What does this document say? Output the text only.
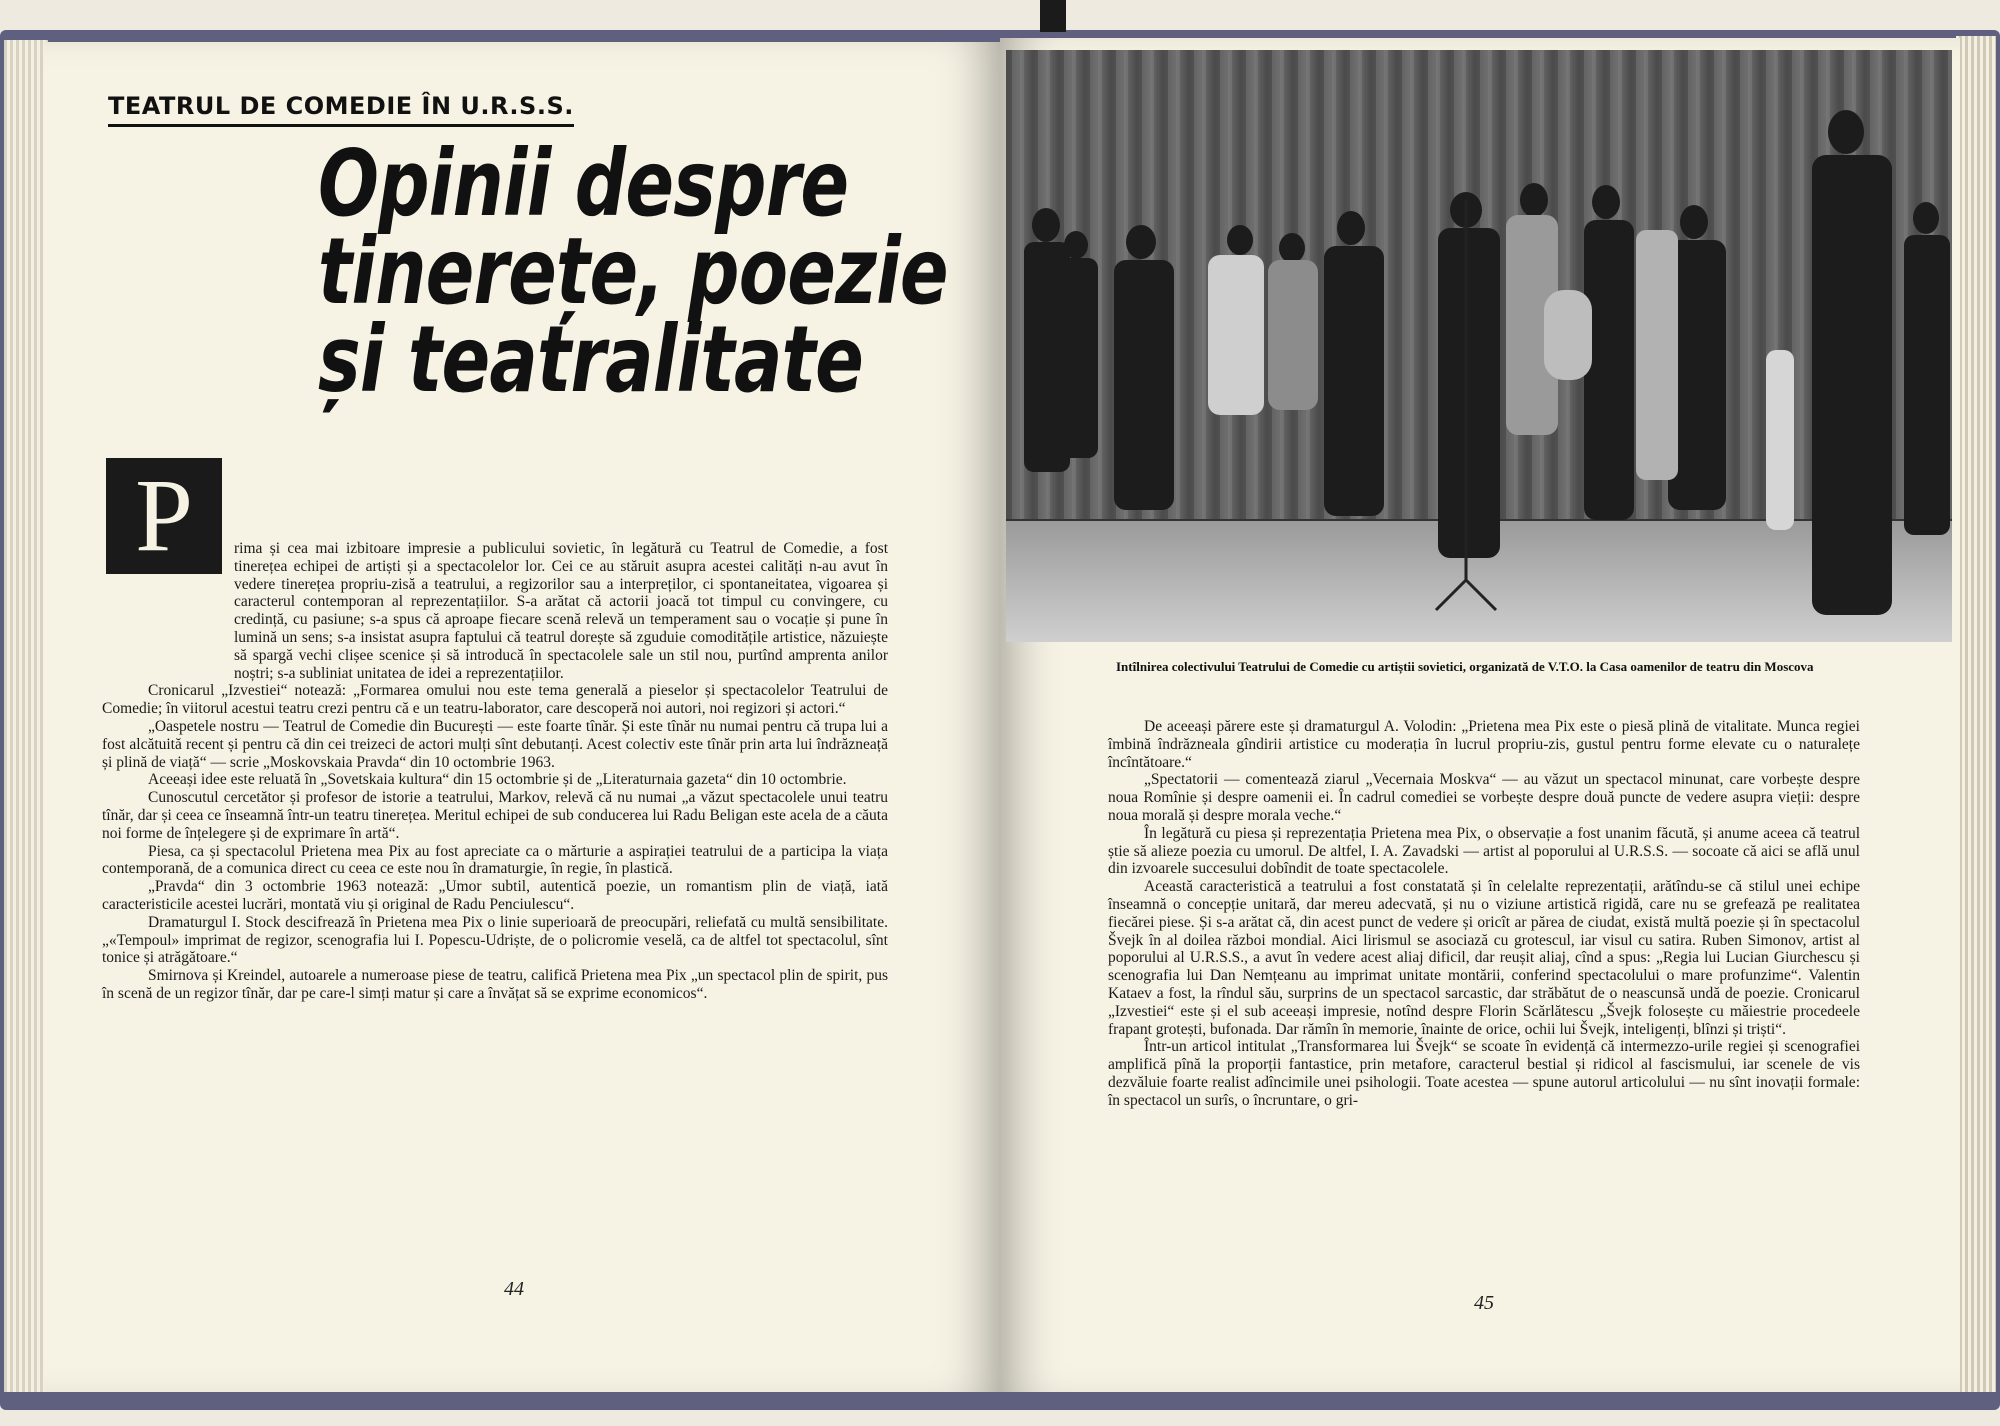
TEATRUL DE COMEDIE ÎN U.R.S.S.
Opinii despre
tinerețe, poezie
și teatralitate
P	rima și cea mai izbitoare impresie a publicului sovietic, în legătură cu Teatrul de Comedie, a fost tinerețea echipei de artiști și a spectacolelor lor. Cei ce au stăruit asupra acestei calități n-au avut în vedere tinerețea propriu-zisă a teatrului, a regizorilor sau a interpreților, ci spontaneitatea, vigoarea și caracterul contemporan al reprezentațiilor. S-a arătat că actorii joacă tot timpul cu convingere, cu credință, cu pasiune; s-a spus că aproape fiecare scenă relevă un temperament sau o vocație și pune în lumină un sens; s-a insistat asupra faptului că teatrul dorește să zguduie comoditățile artistice, năzuiește să spargă vechi clișee scenice și să introducă în spectacolele sale un stil nou, purtînd amprenta anilor noștri; s-a subliniat unitatea de idei a reprezentațiilor.

Cronicarul „Izvestiei“ notează: „Formarea omului nou este tema generală a pieselor și spectacolelor Teatrului de Comedie; în viitorul acestui teatru crezi pentru că e un teatru-laborator, care descoperă noi autori, noi regizori și actori.“

„Oaspetele nostru — Teatrul de Comedie din București — este foarte tînăr. Și este tînăr nu numai pentru că trupa lui a fost alcătuită recent și pentru că din cei treizeci de actori mulți sînt debutanți. Acest colectiv este tînăr prin arta lui îndrăzneață și plină de viață“ — scrie „Moskovskaia Pravda“ din 10 octombrie 1963.

Aceeași idee este reluată în „Sovetskaia kultura“ din 15 octombrie și de „Literaturnaia gazeta“ din 10 octombrie.

Cunoscutul cercetător și profesor de istorie a teatrului, Markov, relevă că nu numai „a văzut spectacolele unui teatru tînăr, dar și ceea ce înseamnă într-un teatru tinerețea. Meritul echipei de sub conducerea lui Radu Beligan este acela de a căuta noi forme de înțelegere și de exprimare în artă“.

Piesa, ca și spectacolul Prietena mea Pix au fost apreciate ca o mărturie a aspirației teatrului de a participa la viața contemporană, de a comunica direct cu ceea ce este nou în dramaturgie, în regie, în plastică.

„Pravda“ din 3 octombrie 1963 notează: „Umor subtil, autentică poezie, un romantism plin de viață, iată caracteristicile acestei lucrări, montată viu și original de Radu Penciulescu“.

Dramaturgul I. Stock descifrează în Prietena mea Pix o linie superioară de preocupări, reliefată cu multă sensibilitate. „«Tempoul» imprimat de regizor, scenografia lui I. Popescu-Udriște, de o policromie veselă, ca de altfel tot spectacolul, sînt tonice și atrăgătoare.“

Smirnova și Kreindel, autoarele a numeroase piese de teatru, califică Prietena mea Pix „un spectacol plin de spirit, pus în scenă de un regizor tînăr, dar pe care-l simți matur și care a învățat să se exprime economicos“.

44
Intîlnirea colectivului Teatrului de Comedie cu artiștii sovietici, organizată de V.T.O. la Casa oamenilor de teatru din Moscova

De aceeași părere este și dramaturgul A. Volodin: „Prietena mea Pix este o piesă plină de vitalitate. Munca regiei îmbină îndrăzneala gîndirii artistice cu moderația în lucrul propriu-zis, gustul pentru forme elevate cu o naturalețe încîntătoare.“

„Spectatorii — comentează ziarul „Vecernaia Moskva“ — au văzut un spectacol minunat, care vorbește despre noua Romînie și despre oamenii ei. În cadrul comediei se vorbește despre două puncte de vedere asupra vieții: despre noua morală și despre morala veche.“

În legătură cu piesa și reprezentația Prietena mea Pix, o observație a fost unanim făcută, și anume aceea că teatrul știe să alieze poezia cu umorul. De altfel, I. A. Zavadski — artist al poporului al U.R.S.S. — socoate că aici se află unul din izvoarele succesului dobîndit de toate spectacolele.

Această caracteristică a teatrului a fost constatată și în celelalte reprezentații, arătîndu-se că stilul unei echipe înseamnă o concepție unitară, dar mereu adecvată, și nu o viziune artistică rigidă, care nu se grefează pe realitatea fiecărei piese. Și s-a arătat că, din acest punct de vedere și oricît ar părea de ciudat, există multă poezie și în spectacolul Švejk în al doilea război mondial. Aici lirismul se asociază cu grotescul, iar visul cu satira. Ruben Simonov, artist al poporului al U.R.S.S., a avut în vedere acest aliaj dificil, dar reușit aliaj, cînd a spus: „Regia lui Lucian Giurchescu și scenografia lui Dan Nemțeanu au imprimat unitate montării, conferind spectacolului o mare profunzime“. Valentin Kataev a fost, la rîndul său, surprins de un spectacol sarcastic, dar străbătut de o neascunsă undă de poezie. Cronicarul „Izvestiei“ este și el sub aceeași impresie, notînd despre Florin Scărlătescu „Švejk folosește cu măiestrie procedeele frapant grotești, bufonada. Dar rămîn în memorie, înainte de orice, ochii lui Švejk, inteligenți, blînzi și triști“.

Într-un articol intitulat „Transformarea lui Švejk“ se scoate în evidență că intermezzo-urile regiei și scenografiei amplifică pînă la proporții fantastice, prin metafore, caracterul bestial și ridicol al fascismului, iar scenele de vis dezvăluie foarte realist adîncimile unei psihologii. Toate acestea — spune autorul articolului — nu sînt inovații formale: în spectacol un surîs, o încruntare, o gri-

45
